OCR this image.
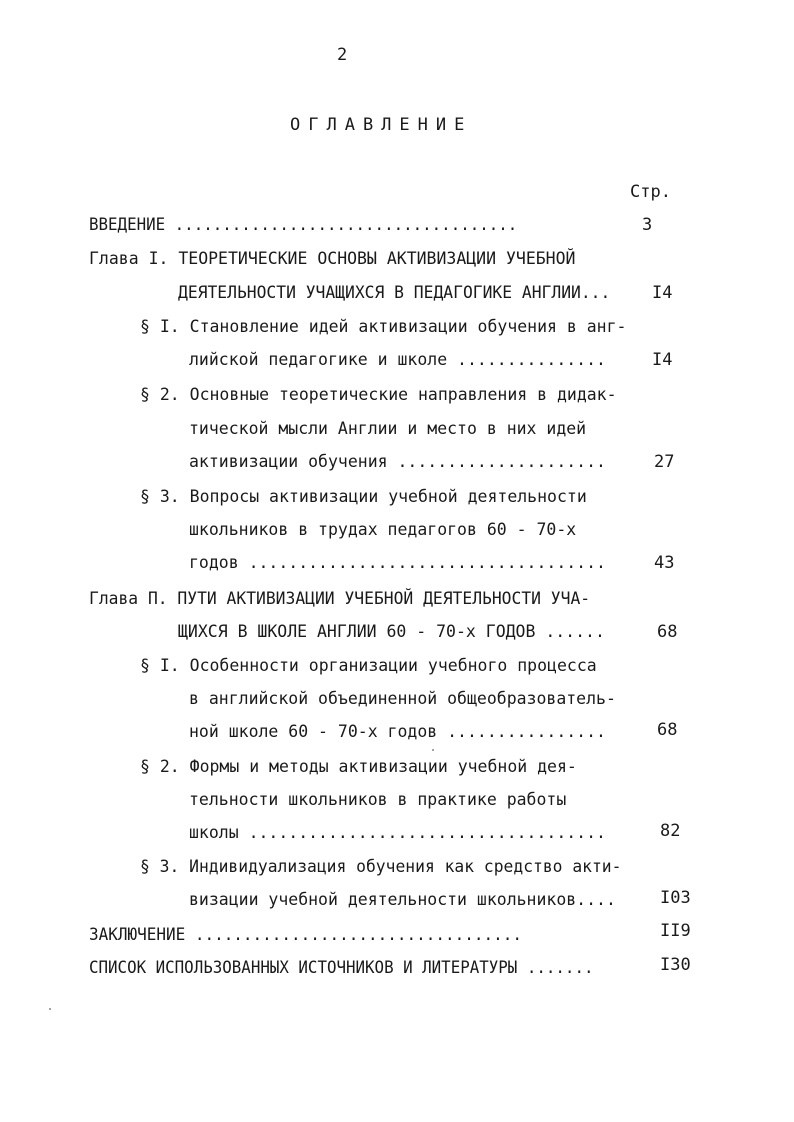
2
ОГЛАВЛЕНИЕ
Стр.
ВВЕДЕНИЕ ....................................	3
Глава I. ТЕОРЕТИЧЕСКИЕ ОСНОВЫ АКТИВИЗАЦИИ УЧЕБНОЙ
ДЕЯТЕЛЬНОСТИ УЧАЩИХСЯ В ПЕДАГОГИКЕ АНГЛИИ... I4
§ I. Становление идей активизации обучения в анг-
лийской педагогике и школе ...............	I4
§ 2. Основные теоретические направления в дидак-
тической мысли Англии и место в них идей
активизации обучения .....................	27
§ 3. Вопросы активизации учебной деятельности
школьников в трудах педагогов 60 - 70-х
годов ....................................	43
Глава П. ПУТИ АКТИВИЗАЦИИ УЧЕБНОЙ ДЕЯТЕЛЬНОСТИ УЧА-
ЩИХСЯ В ШКОЛЕ АНГЛИИ 60 - 70-х ГОДОВ ......	68
§ I. Особенности организации учебного процесса
в английской объединенной общеобразователь-
ной школе 60 - 70-х годов ................	68
§ 2. Формы и методы активизации учебной дея-
тельности школьников в практике работы
школы ....................................	82
§ 3. Индивидуализация обучения как средство акти-
визации учебной деятельности школьников....	I03
ЗАКЛЮЧЕНИЕ ..................................	II9
СПИСОК ИСПОЛЬЗОВАННЫХ ИСТОЧНИКОВ И ЛИТЕРАТУРЫ .......	I30
